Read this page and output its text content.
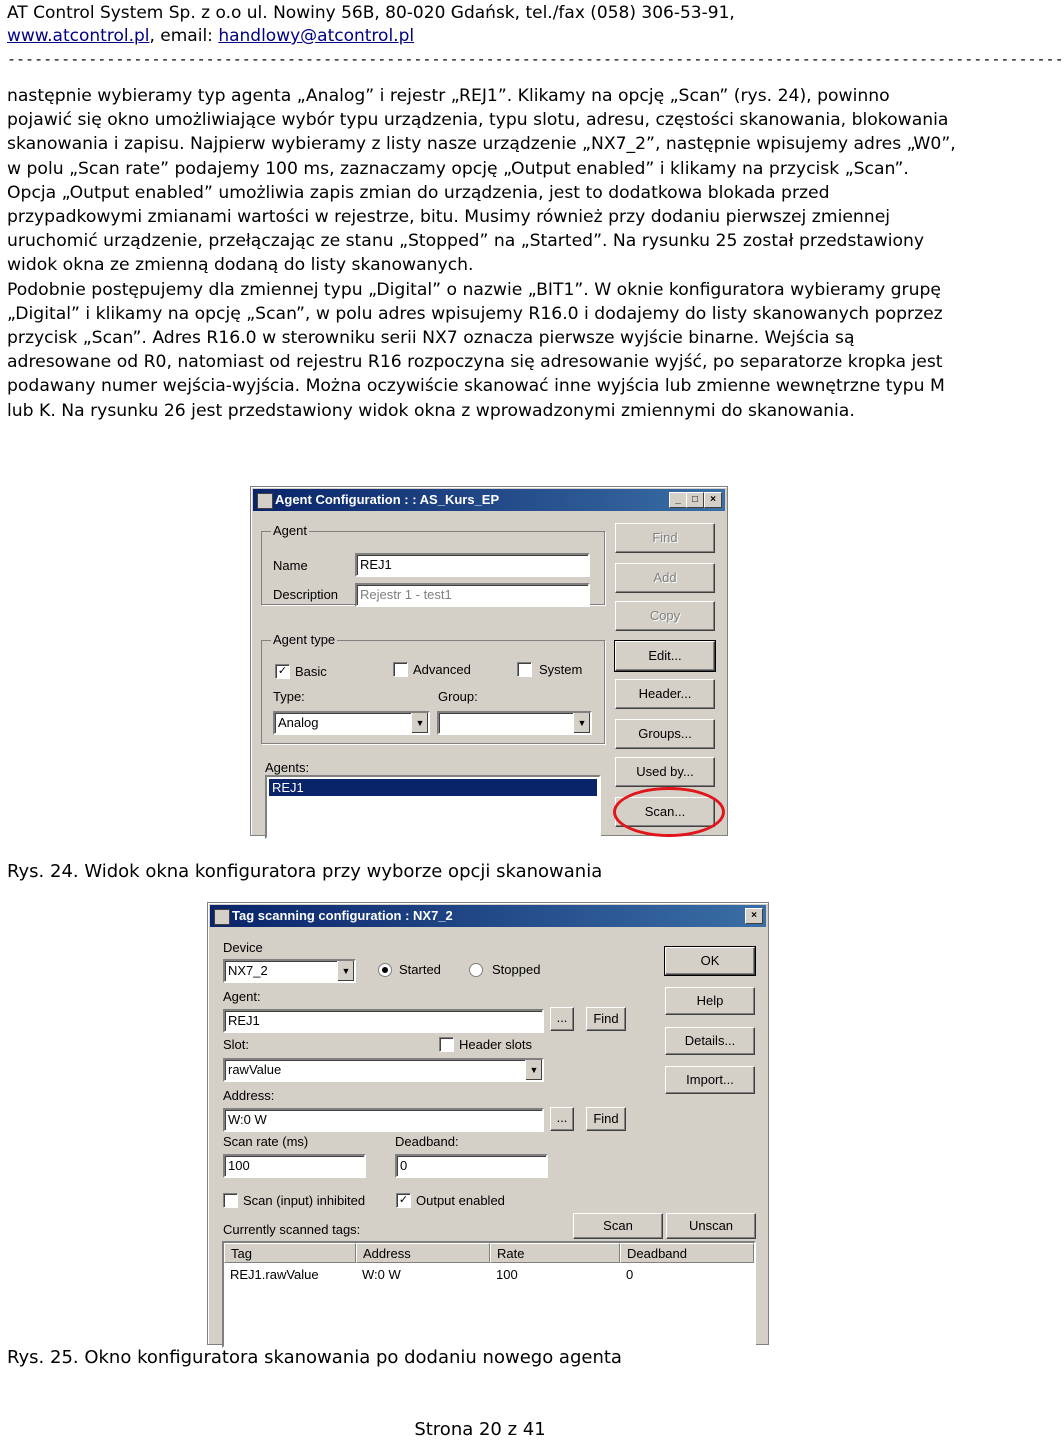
AT Control System Sp. z o.o ul. Nowiny 56B, 80-020 Gdańsk, tel./fax (058) 306-53-91,
www.atcontrol.pl, email: handlowy@atcontrol.pl
---------------------------------------------------------------------------------------------------------------------

następnie wybieramy typ agenta „Analog” i rejestr „REJ1”. Klikamy na opcję „Scan” (rys. 24), powinno pojawić się okno umożliwiające wybór typu urządzenia, typu slotu, adresu, częstości skanowania, blokowania skanowania i zapisu. Najpierw wybieramy z listy nasze urządzenie „NX7_2”, następnie wpisujemy adres „W0”, w polu „Scan rate” podajemy 100 ms, zaznaczamy opcję „Output enabled” i klikamy na przycisk „Scan”. Opcja „Output enabled” umożliwia zapis zmian do urządzenia, jest to dodatkowa blokada przed przypadkowymi zmianami wartości w rejestrze, bitu. Musimy również przy dodaniu pierwszej zmiennej uruchomić urządzenie, przełączając ze stanu „Stopped” na „Started”. Na rysunku 25 został przedstawiony widok okna ze zmienną dodaną do listy skanowanych.

Podobnie postępujemy dla zmiennej typu „Digital” o nazwie „BIT1”. W oknie konfiguratora wybieramy grupę „Digital” i klikamy na opcję „Scan”, w polu adres wpisujemy R16.0 i dodajemy do listy skanowanych poprzez przycisk „Scan”. Adres R16.0 w sterowniku serii NX7 oznacza pierwsze wyjście binarne. Wejścia są adresowane od R0, natomiast od rejestru R16 rozpoczyna się adresowanie wyjść, po separatorze kropka jest podawany numer wejścia-wyjścia. Można oczywiście skanować inne wyjścia lub zmienne wewnętrzne typu M lub K. Na rysunku 26 jest przedstawiony widok okna z wprowadzonymi zmiennymi do skanowania.

Agent Configuration : : AS_Kurs_EP	_	□	×
Agent
Name	REJ1
Description	Rejestr 1 - test1
Agent type
✓ Basic	Advanced	System
Type:	Group:
Analog	▼	▼
Agents:
REJ1
Find
Add
Copy
Edit...
Header...
Groups...
Used by...
Scan...
Rys. 24. Widok okna konfiguratora przy wyborze opcji skanowania
Tag scanning configuration : NX7_2	×
Device
NX7_2	▼	Started	Stopped
Agent:
REJ1	...	Find
Slot:	Header slots
rawValue	▼
Address:
W:0 W	...	Find
Scan rate (ms)
100
Deadband:
0
Scan (input) inhibited	✓ Output enabled
Currently scanned tags:	Scan	Unscan
Tag	Address	Rate	Deadband
REJ1.rawValue	W:0 W	100	0
OK
Help
Details...
Import...
Rys. 25. Okno konfiguratora skanowania po dodaniu nowego agenta
Strona 20 z 41
